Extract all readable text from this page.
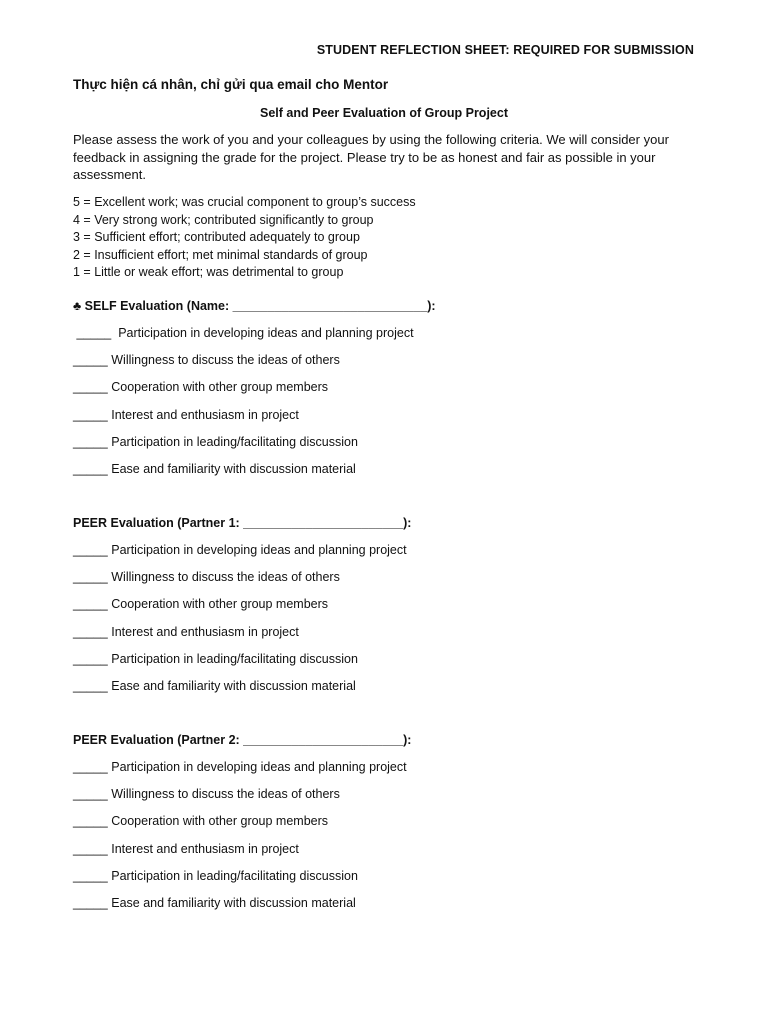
STUDENT REFLECTION SHEET: REQUIRED FOR SUBMISSION
Thực hiện cá nhân, chỉ gửi qua email cho Mentor
Self and Peer Evaluation of Group Project
Please assess the work of you and your colleagues by using the following criteria. We will consider your feedback in assigning the grade for the project. Please try to be as honest and fair as possible in your assessment.
5 = Excellent work; was crucial component to group’s success
4 = Very strong work; contributed significantly to group
3 = Sufficient effort; contributed adequately to group
2 = Insufficient effort; met minimal standards of group
1 = Little or weak effort; was detrimental to group
♣ SELF Evaluation (Name: ____________________________):
_____ Participation in developing ideas and planning project
_____ Willingness to discuss the ideas of others
_____ Cooperation with other group members
_____ Interest and enthusiasm in project
_____ Participation in leading/facilitating discussion
_____ Ease and familiarity with discussion material
PEER Evaluation (Partner 1: _______________________):
_____ Participation in developing ideas and planning project
_____ Willingness to discuss the ideas of others
_____ Cooperation with other group members
_____ Interest and enthusiasm in project
_____ Participation in leading/facilitating discussion
_____ Ease and familiarity with discussion material
PEER Evaluation (Partner 2: _______________________):
_____ Participation in developing ideas and planning project
_____ Willingness to discuss the ideas of others
_____ Cooperation with other group members
_____ Interest and enthusiasm in project
_____ Participation in leading/facilitating discussion
_____ Ease and familiarity with discussion material
